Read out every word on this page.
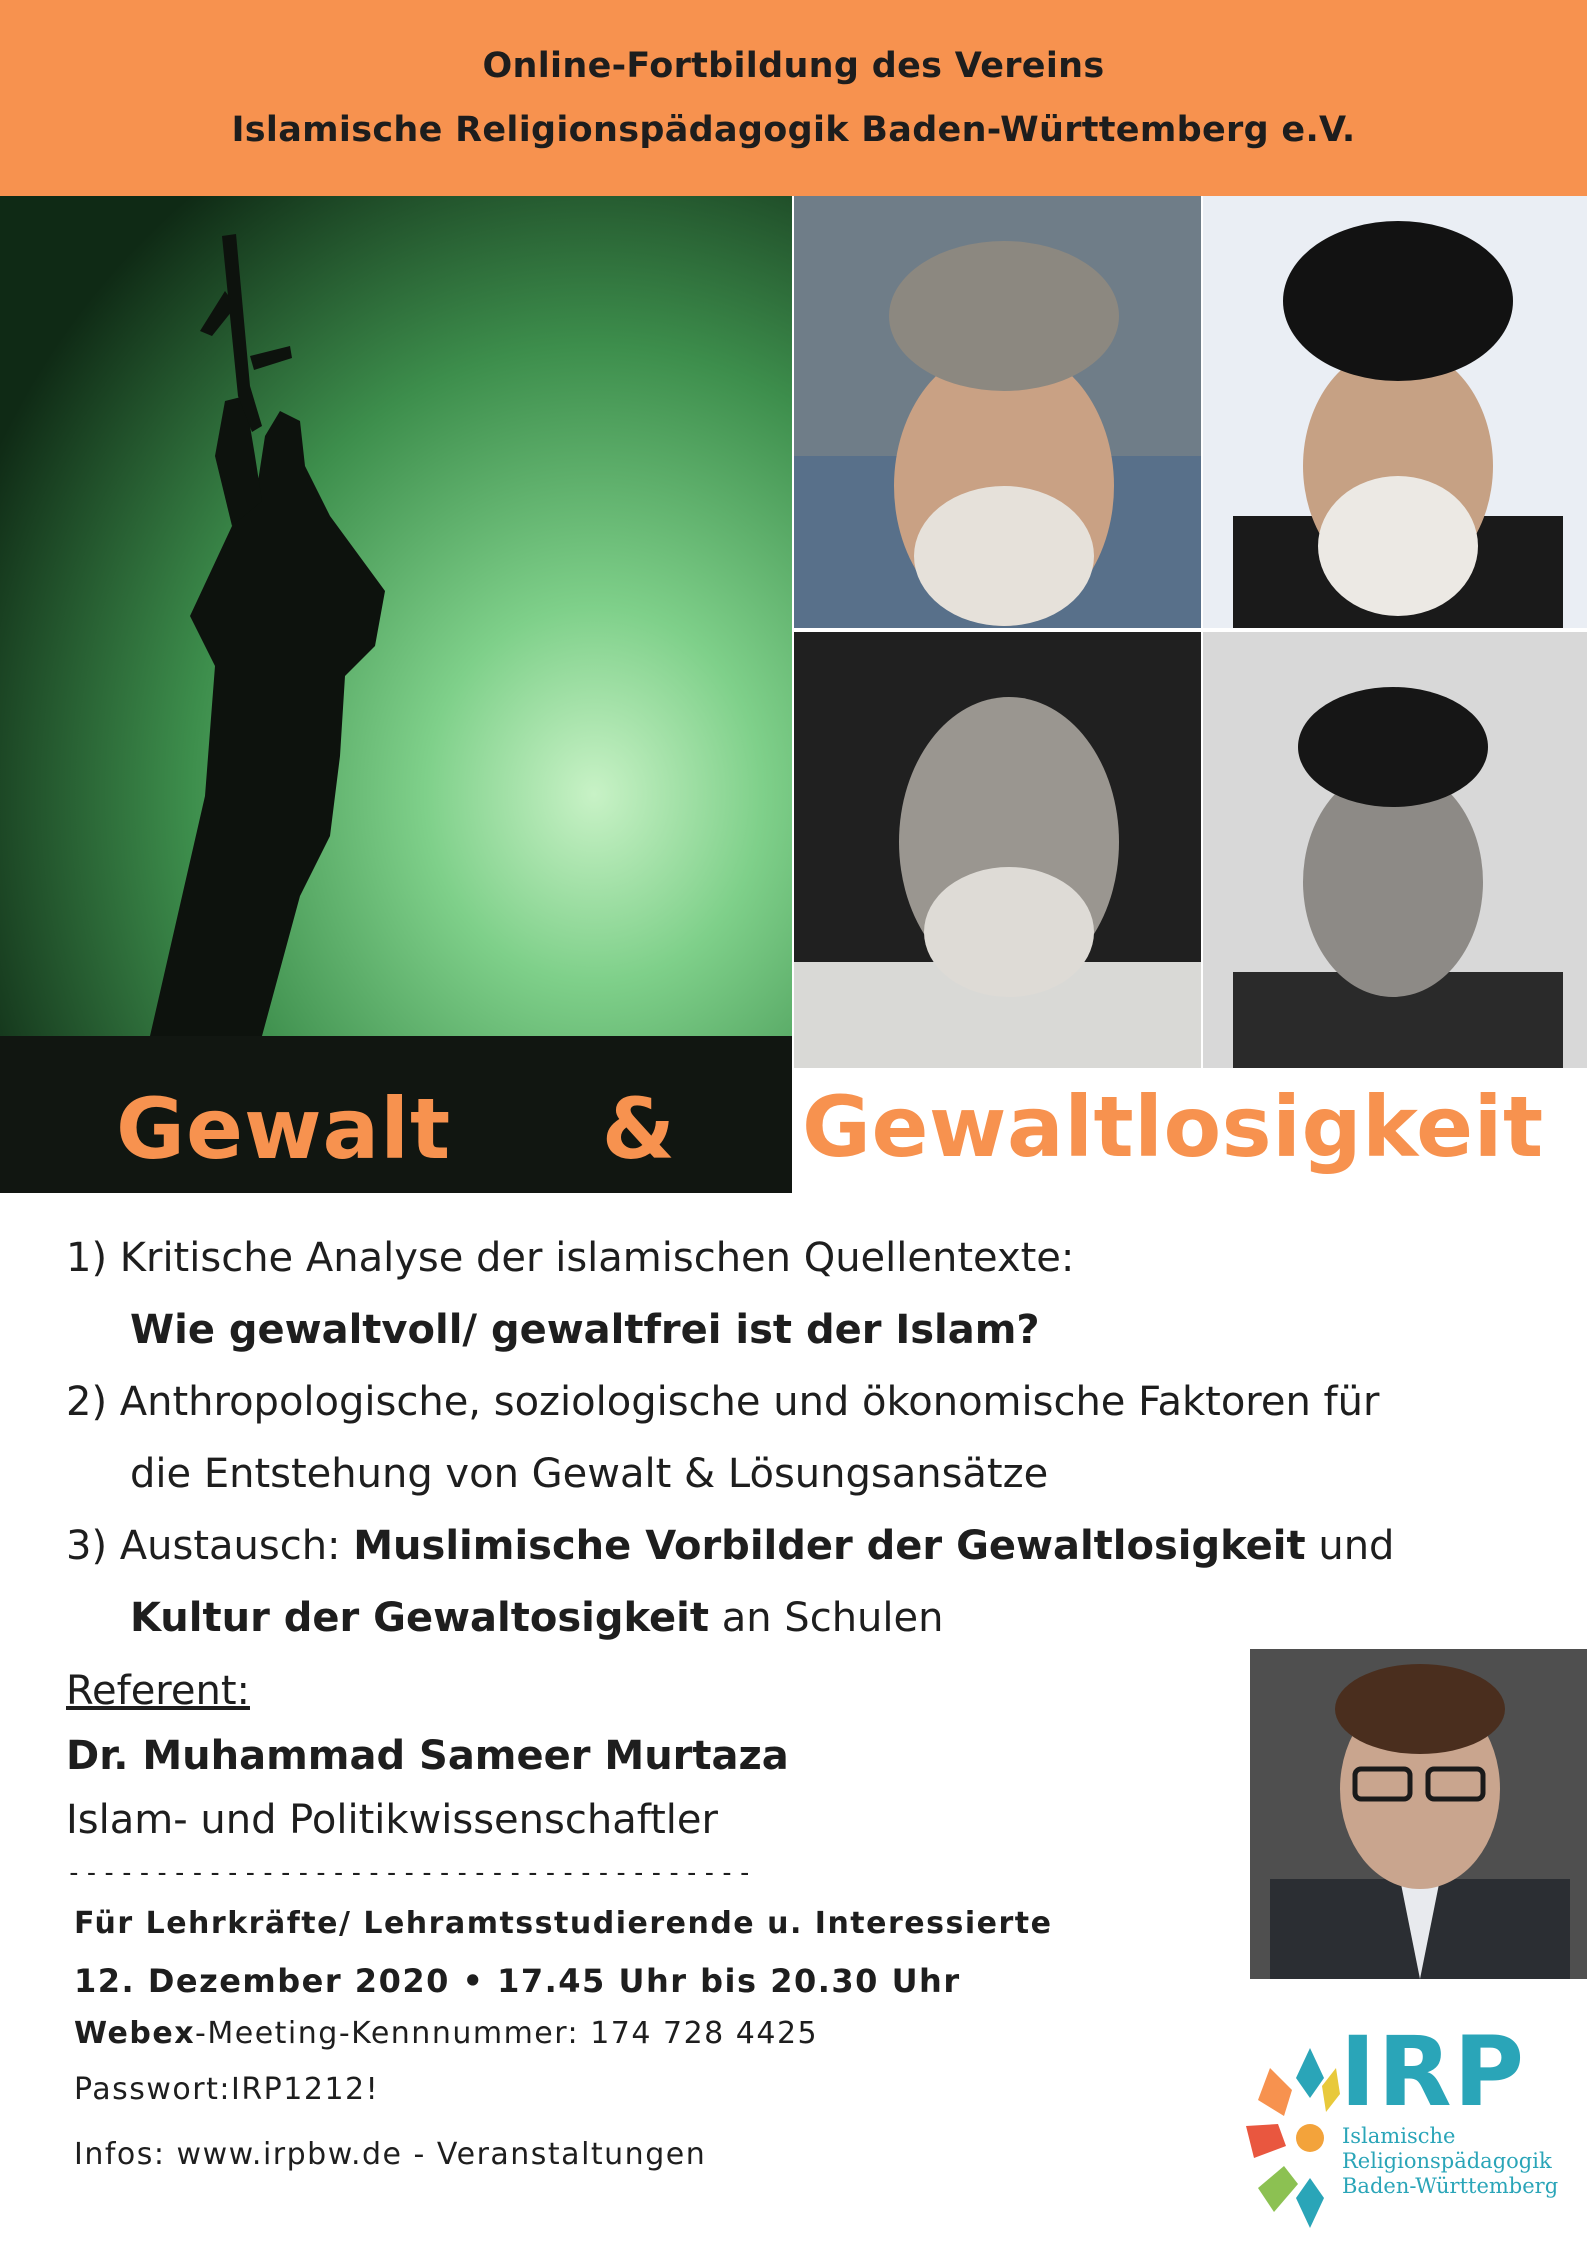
Online-Fortbildung des Vereins
Islamische Religionspädagogik Baden-Württemberg e.V.
Gewalt &	Gewaltlosigkeit
1) Kritische Analyse der islamischen Quellentexte:
Wie gewaltvoll/ gewaltfrei ist der Islam?
2) Anthropologische, soziologische und ökonomische Faktoren für
die Entstehung von Gewalt & Lösungsansätze
3) Austausch: Muslimische Vorbilder der Gewaltlosigkeit und
Kultur der Gewaltosigkeit an Schulen
Referent:
Dr. Muhammad Sameer Murtaza
Islam- und Politikwissenschaftler
---------------------------------------
Für Lehrkräfte/ Lehramtsstudierende u. Interessierte
12. Dezember 2020 • 17.45 Uhr bis 20.30 Uhr
Webex-Meeting-Kennnummer: 174 728 4425
Passwort:IRP1212!
Infos: www.irpbw.de - Veranstaltungen
IRP
Islamische
Religionspädagogik
Baden-Württemberg
